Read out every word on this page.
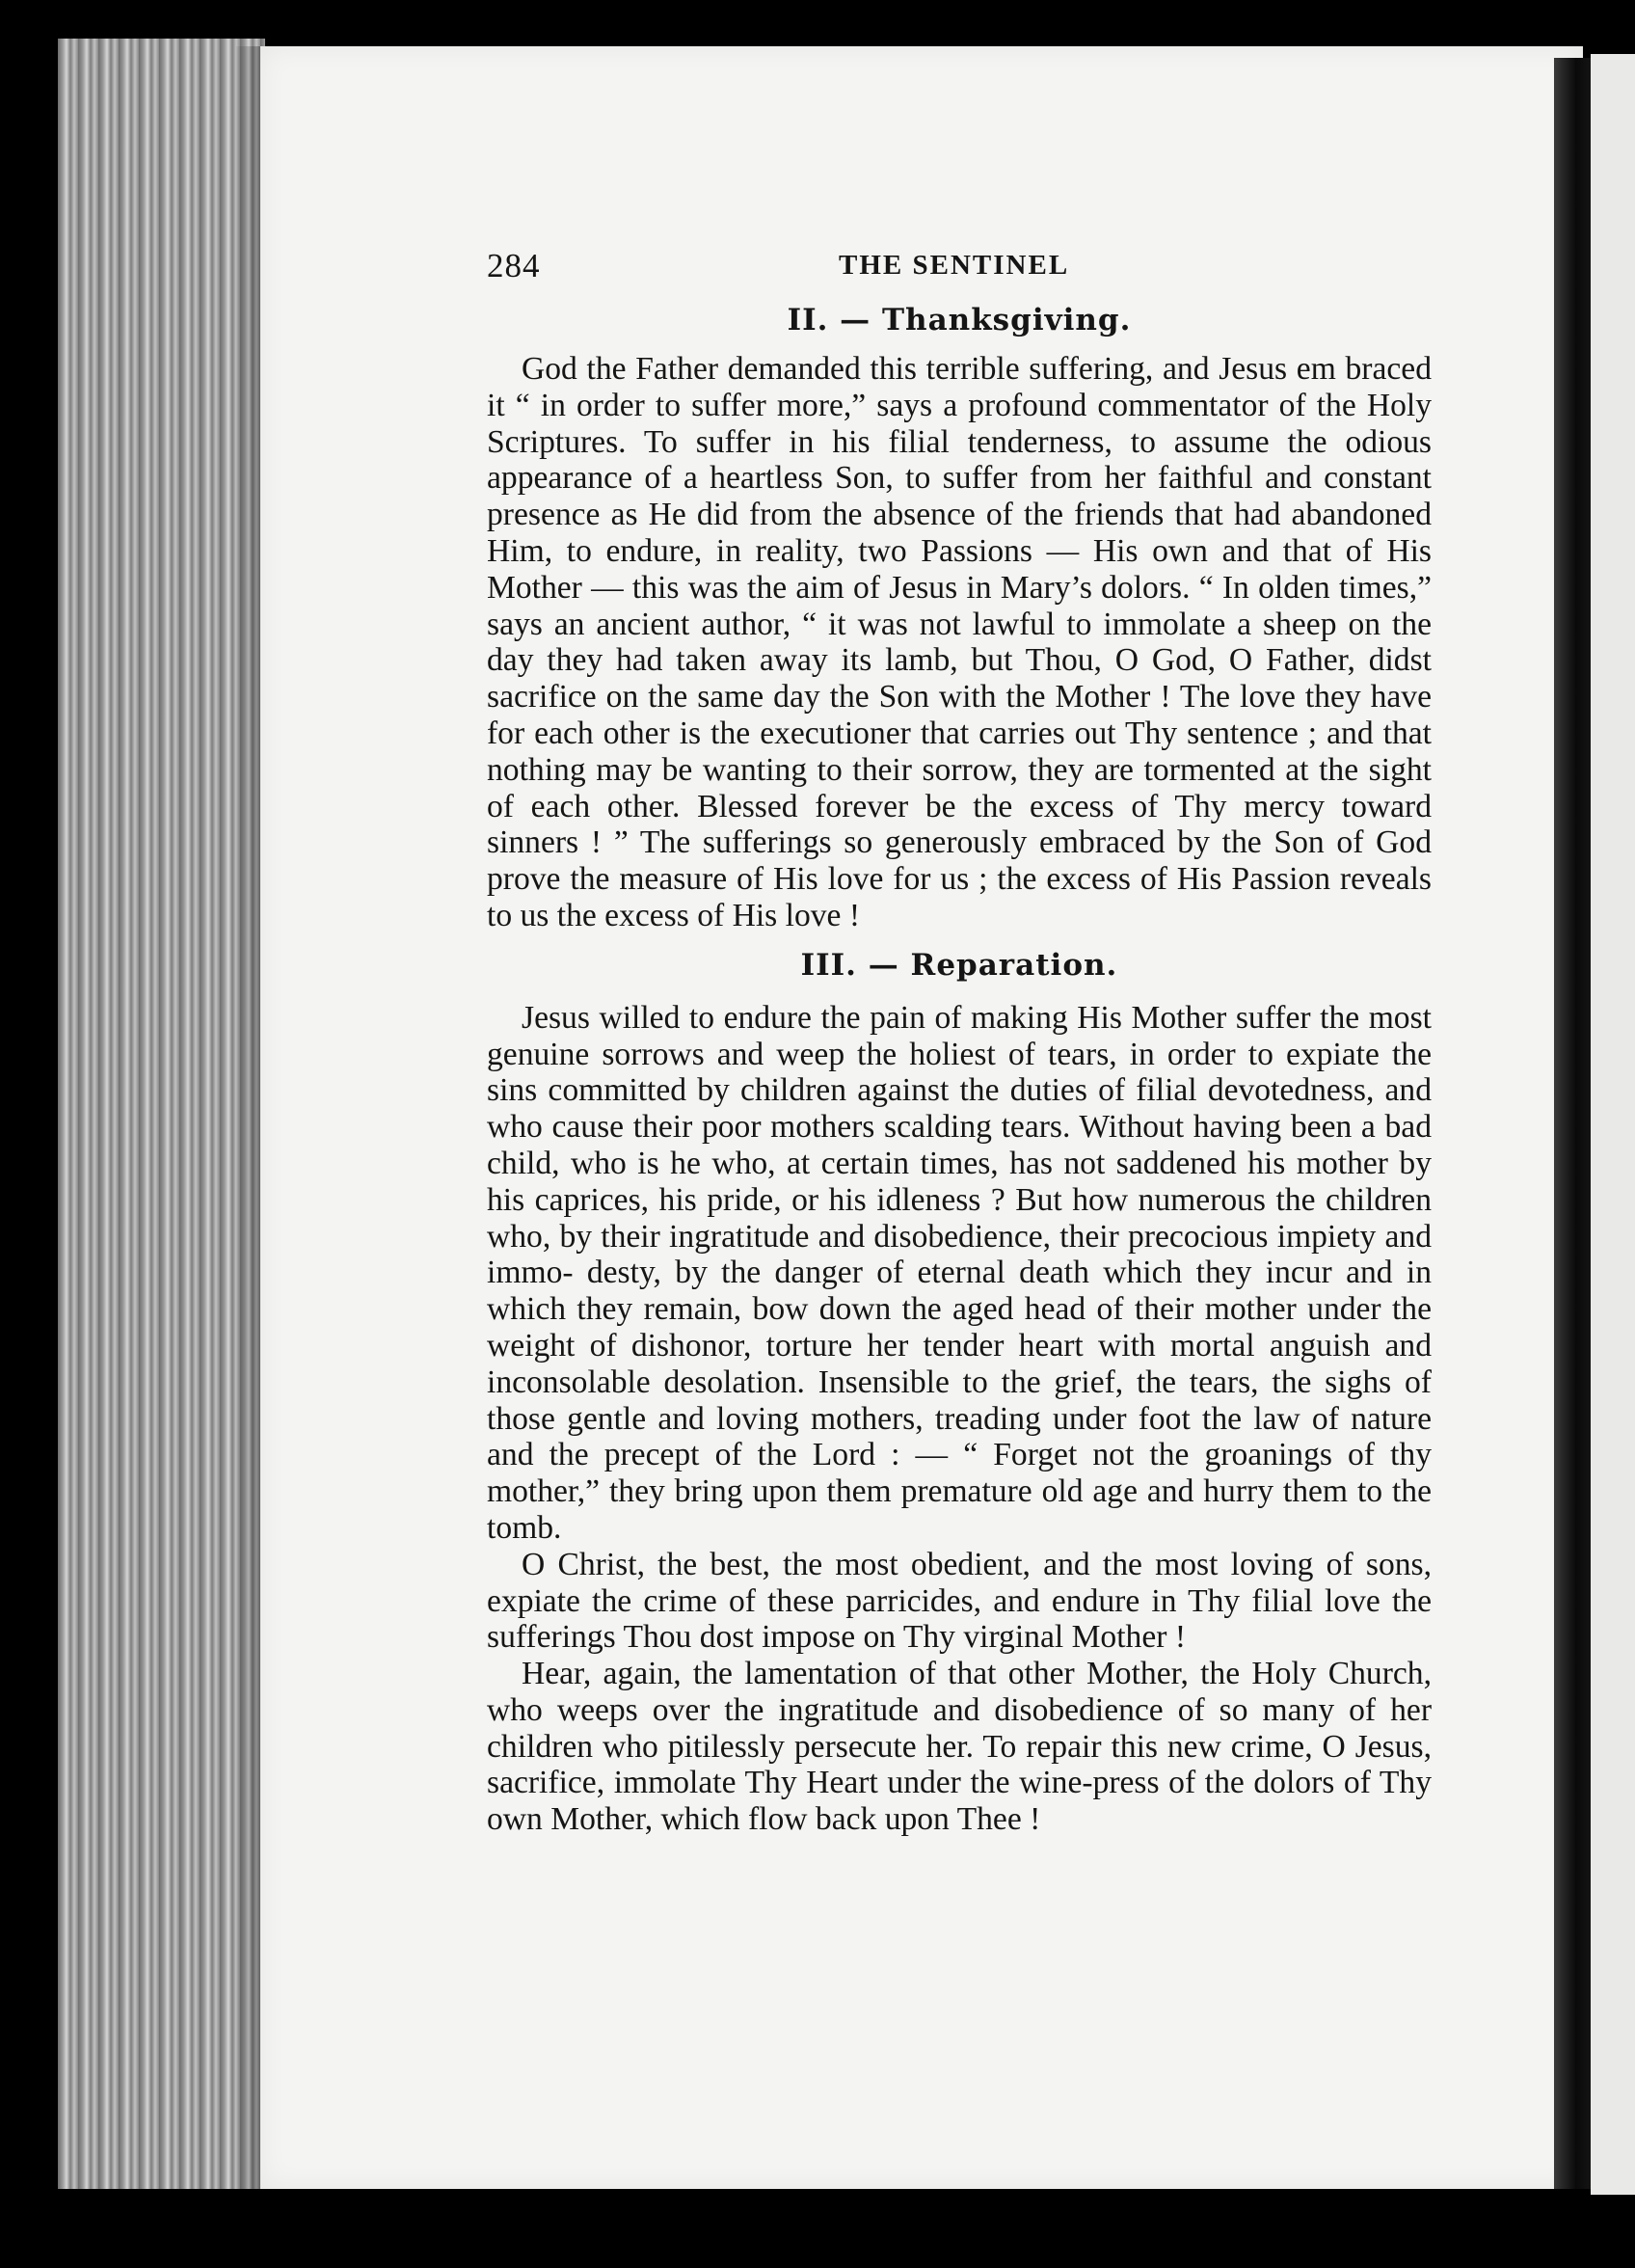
284	THE SENTINEL
II. — Thanksgiving.

God the Father demanded this terrible suffering, and Jesus em braced it “ in order to suffer more,” says a profound commentator of the Holy Scriptures. To suffer in his filial tenderness, to assume the odious appearance of a heartless Son, to suffer from her faithful and constant presence as He did from the absence of the friends that had abandoned Him, to endure, in reality, two Passions — His own and that of His Mother — this was the aim of Jesus in Mary’s dolors. “ In olden times,” says an ancient author, “ it was not lawful to immolate a sheep on the day they had taken away its lamb, but Thou, O God, O Father, didst sacrifice on the same day the Son with the Mother ! The love they have for each other is the executioner that carries out Thy sentence ; and that nothing may be wanting to their sorrow, they are tormented at the sight of each other. Blessed forever be the excess of Thy mercy toward sinners ! ” The sufferings so generously embraced by the Son of God prove the measure of His love for us ; the excess of His Passion reveals to us the excess of His love !

III. — Reparation.

Jesus willed to endure the pain of making His Mother suffer the most genuine sorrows and weep the holiest of tears, in order to expiate the sins committed by children against the duties of filial devotedness, and who cause their poor mothers scalding tears. Without having been a bad child, who is he who, at certain times, has not saddened his mother by his caprices, his pride, or his idleness ? But how numerous the children who, by their ingratitude and disobedience, their precocious impiety and immo- desty, by the danger of eternal death which they incur and in which they remain, bow down the aged head of their mother under the weight of dishonor, torture her tender heart with mortal anguish and inconsolable desolation. Insensible to the grief, the tears, the sighs of those gentle and loving mothers, treading under foot the law of nature and the precept of the Lord : — “ Forget not the groanings of thy mother,” they bring upon them premature old age and hurry them to the tomb.

O Christ, the best, the most obedient, and the most loving of sons, expiate the crime of these parricides, and endure in Thy filial love the sufferings Thou dost impose on Thy virginal Mother !

Hear, again, the lamentation of that other Mother, the Holy Church, who weeps over the ingratitude and disobedience of so many of her children who pitilessly persecute her. To repair this new crime, O Jesus, sacrifice, immolate Thy Heart under the wine-press of the dolors of Thy own Mother, which flow back upon Thee !
